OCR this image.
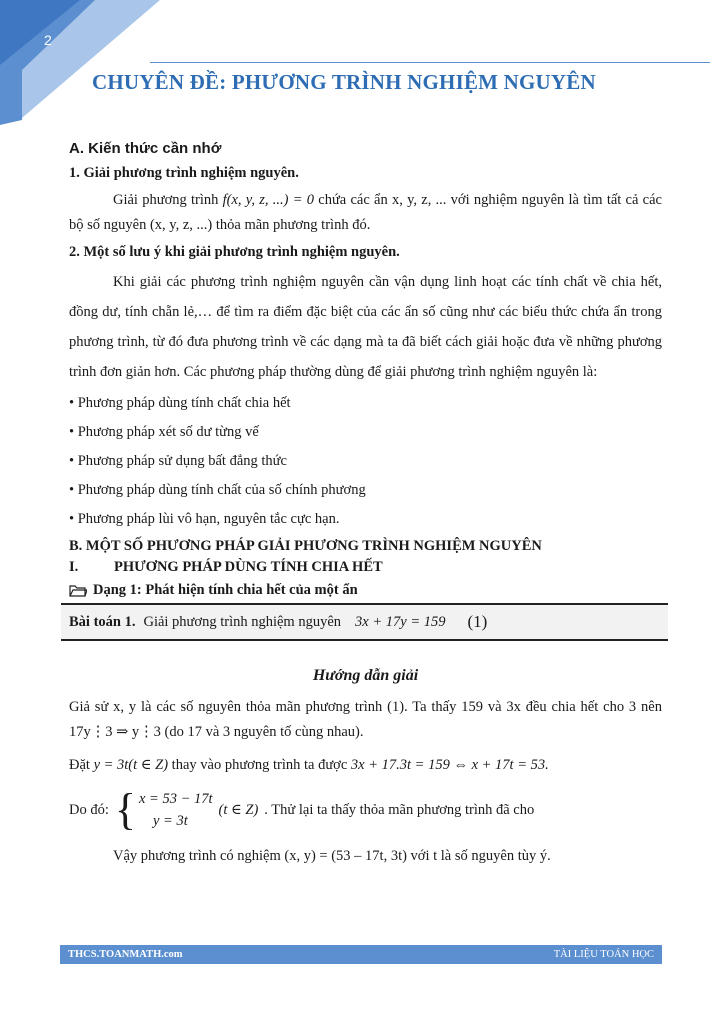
2
CHUYÊN ĐỀ: PHƯƠNG TRÌNH NGHIỆM NGUYÊN
A. Kiến thức cần nhớ
1. Giải phương trình nghiệm nguyên.

Giải phương trình f(x, y, z, ...) = 0 chứa các ẩn x, y, z, ... với nghiệm nguyên là tìm tất cả các bộ số nguyên (x, y, z, ...) thỏa mãn phương trình đó.

2. Một số lưu ý khi giải phương trình nghiệm nguyên.

Khi giải các phương trình nghiệm nguyên cần vận dụng linh hoạt các tính chất về chia hết, đồng dư, tính chẵn lẻ,… để tìm ra điểm đặc biệt của các ẩn số cũng như các biểu thức chứa ẩn trong phương trình, từ đó đưa phương trình về các dạng mà ta đã biết cách giải hoặc đưa về những phương trình đơn giản hơn. Các phương pháp thường dùng để giải phương trình nghiệm nguyên là:

• Phương pháp dùng tính chất chia hết
• Phương pháp xét số dư từng vế
• Phương pháp sử dụng bất đẳng thức
• Phương pháp dùng tính chất của số chính phương
• Phương pháp lùi vô hạn, nguyên tắc cực hạn.
B. MỘT SỐ PHƯƠNG PHÁP GIẢI PHƯƠNG TRÌNH NGHIỆM NGUYÊN
I.	PHƯƠNG PHÁP DÙNG TÍNH CHIA HẾT
Dạng 1: Phát hiện tính chia hết của một ẩn
Bài toán 1. Giải phương trình nghiệm nguyên 3x + 17y = 159 (1)
Hướng dẫn giải

Giả sử x, y là các số nguyên thỏa mãn phương trình (1). Ta thấy 159 và 3x đều chia hết cho 3 nên 17y⋮3 ⇒ y⋮3 (do 17 và 3 nguyên tố cùng nhau).

Đặt y = 3t(t ∈ Z) thay vào phương trình ta được 3x + 17.3t = 159 ⇔ x + 17t = 53.

Do đó: { x = 53 − 17t
y = 3t
(t ∈ Z) . Thử lại ta thấy thỏa mãn phương trình đã cho

Vậy phương trình có nghiệm (x, y) = (53 – 17t, 3t) với t là số nguyên tùy ý.

THCS.TOANMATH.com	TÀI LIỆU TOÁN HỌC
